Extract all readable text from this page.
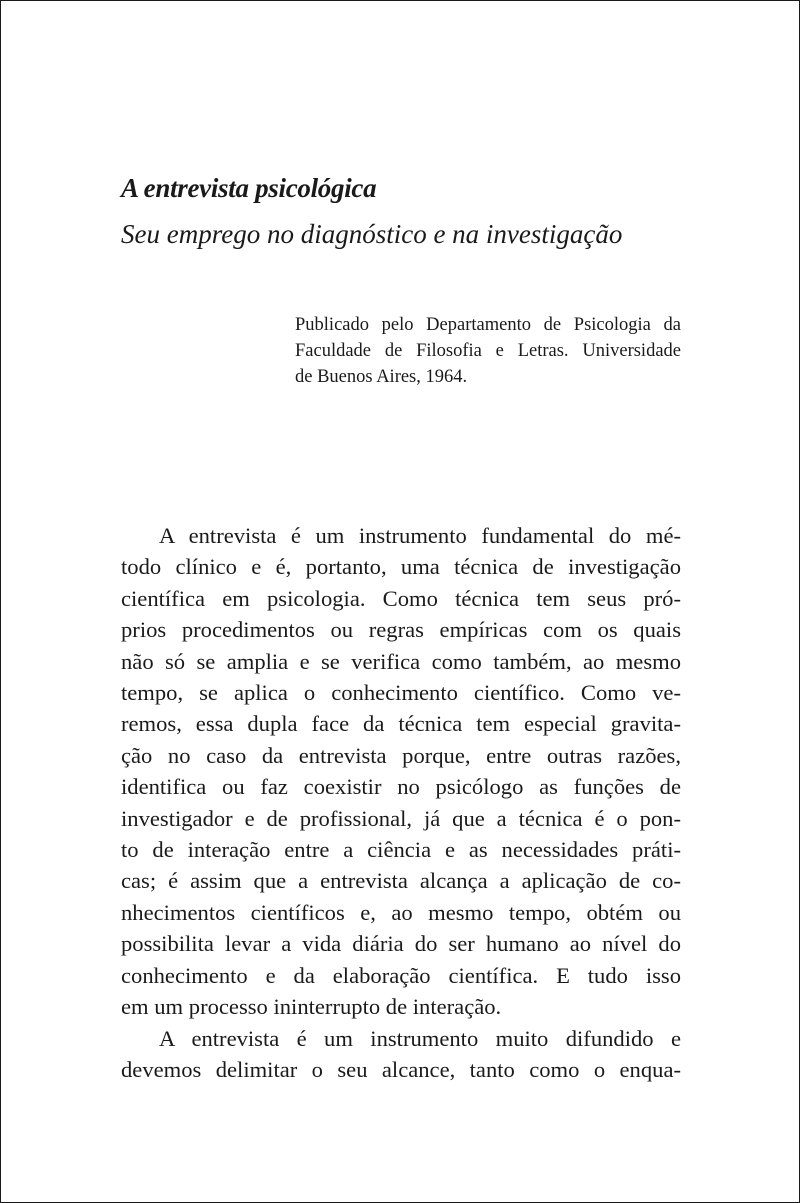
A entrevista psicológica
Seu emprego no diagnóstico e na investigação
Publicado pelo Departamento de Psicologia da
Faculdade de Filosofia e Letras. Universidade
de Buenos Aires, 1964.
A entrevista é um instrumento fundamental do mé-
todo clínico e é, portanto, uma técnica de investigação
científica em psicologia. Como técnica tem seus pró-
prios procedimentos ou regras empíricas com os quais
não só se amplia e se verifica como também, ao mesmo
tempo, se aplica o conhecimento científico. Como ve-
remos, essa dupla face da técnica tem especial gravita-
ção no caso da entrevista porque, entre outras razões,
identifica ou faz coexistir no psicólogo as funções de
investigador e de profissional, já que a técnica é o pon-
to de interação entre a ciência e as necessidades práti-
cas; é assim que a entrevista alcança a aplicação de co-
nhecimentos científicos e, ao mesmo tempo, obtém ou
possibilita levar a vida diária do ser humano ao nível do
conhecimento e da elaboração científica. E tudo isso
em um processo ininterrupto de interação.
A entrevista é um instrumento muito difundido e
devemos delimitar o seu alcance, tanto como o enqua-
